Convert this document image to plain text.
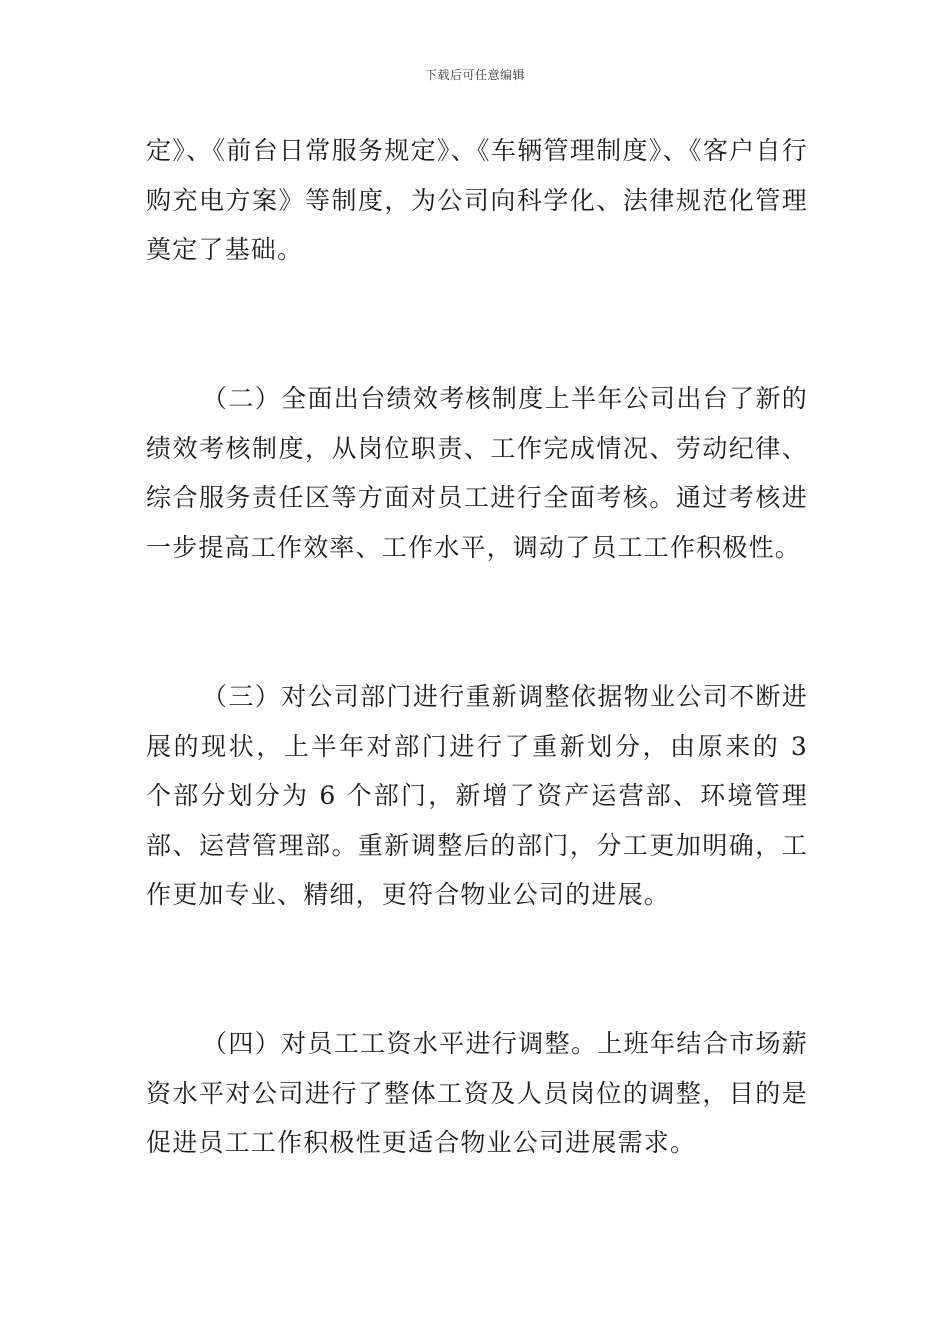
下载后可任意编辑

定》、《前台日常服务规定》、《车辆管理制度》、《客户自行购充电方案》等制度，为公司向科学化、法律规范化管理奠定了基础。

（二）全面出台绩效考核制度上半年公司出台了新的绩效考核制度，从岗位职责、工作完成情况、劳动纪律、综合服务责任区等方面对员工进行全面考核。通过考核进一步提高工作效率、工作水平，调动了员工工作积极性。

（三）对公司部门进行重新调整依据物业公司不断进展的现状，上半年对部门进行了重新划分，由原来的 3 个部分划分为 6 个部门，新增了资产运营部、环境管理部、运营管理部。重新调整后的部门，分工更加明确，工作更加专业、精细，更符合物业公司的进展。

（四）对员工工资水平进行调整。上班年结合市场薪资水平对公司进行了整体工资及人员岗位的调整，目的是促进员工工作积极性更适合物业公司进展需求。
